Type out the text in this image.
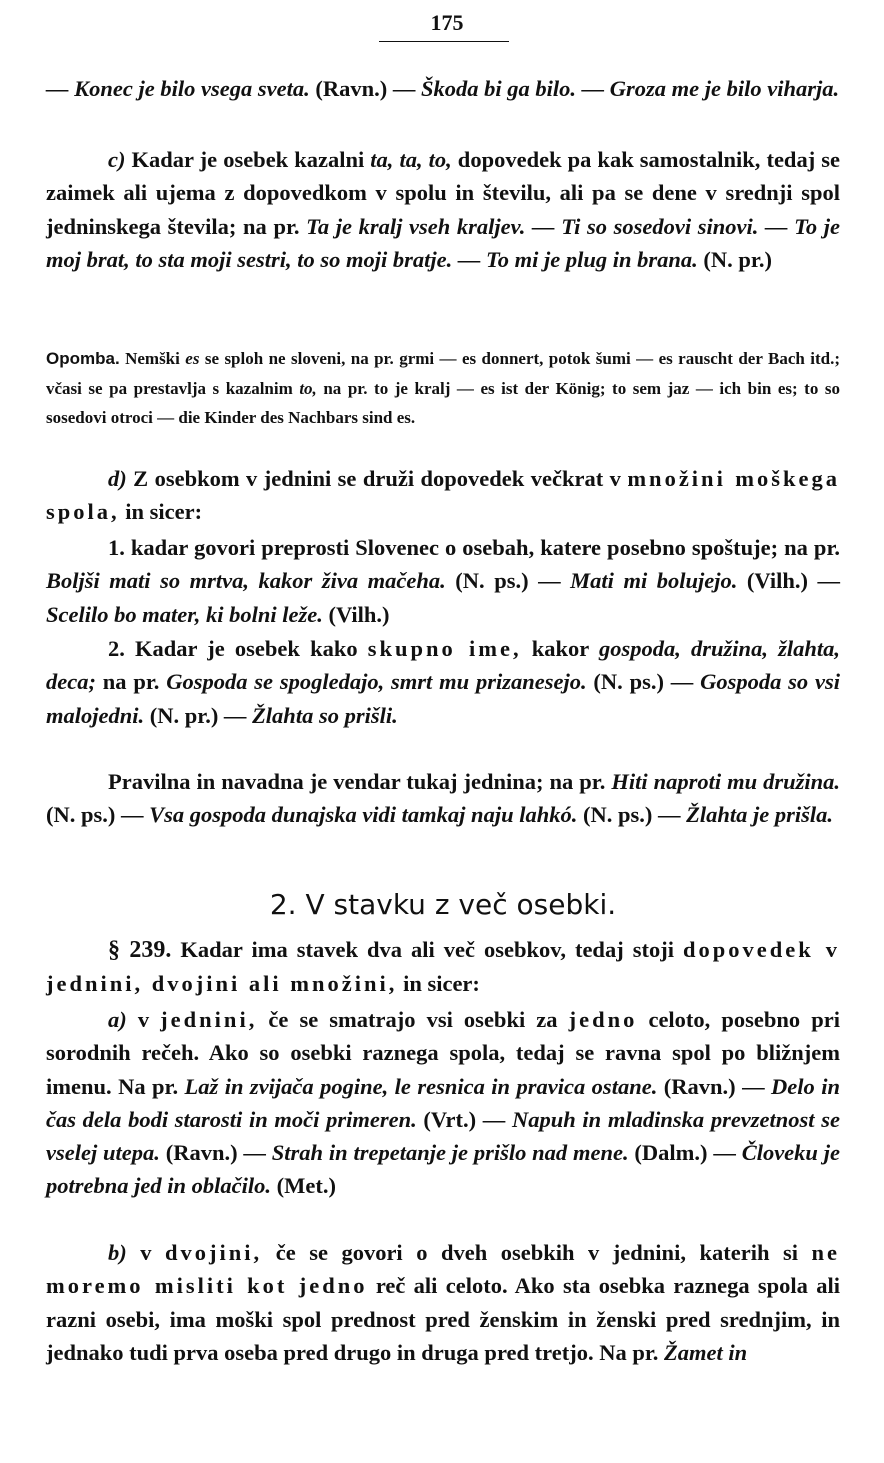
175

— Konec je bilo vsega sveta. (Ravn.) — Škoda bi ga bilo. — Groza me je bilo viharja.

c) Kadar je osebek kazalni ta, ta, to, dopovedek pa kak samostalnik, tedaj se zaimek ali ujema z dopovedkom v spolu in številu, ali pa se dene v srednji spol jedninskega števila; na pr. Ta je kralj vseh kraljev. — Ti so sosedovi sinovi. — To je moj brat, to sta moji sestri, to so moji bratje. — To mi je plug in brana. (N. pr.)

Opomba. Nemški es se sploh ne sloveni, na pr. grmi — es donnert, potok šumi — es rauscht der Bach itd.; včasi se pa prestavlja s kazalnim to, na pr. to je kralj — es ist der König; to sem jaz — ich bin es; to so sosedovi otroci — die Kinder des Nachbars sind es.

d) Z osebkom v jednini se druži dopovedek večkrat v množini moškega spola, in sicer:

1. kadar govori preprosti Slovenec o osebah, katere posebno spoštuje; na pr. Boljši mati so mrtva, kakor živa mačeha. (N. ps.) — Mati mi bolujejo. (Vilh.) — Scelilo bo mater, ki bolni leže. (Vilh.)

2. Kadar je osebek kako skupno ime, kakor gospoda, družina, žlahta, deca; na pr. Gospoda se spogledajo, smrt mu prizanesejo. (N. ps.) — Gospoda so vsi malojedni. (N. pr.) — Žlahta so prišli.

Pravilna in navadna je vendar tukaj jednina; na pr. Hiti naproti mu družina. (N. ps.) — Vsa gospoda dunajska vidi tamkaj naju lahkó. (N. ps.) — Žlahta je prišla.

2. V stavku z več osebki.

§ 239. Kadar ima stavek dva ali več osebkov, tedaj stoji dopovedek v jednini, dvojini ali množini, in sicer:

a) v jednini, če se smatrajo vsi osebki za jedno celoto, posebno pri sorodnih rečeh. Ako so osebki raznega spola, tedaj se ravna spol po bližnjem imenu. Na pr. Laž in zvijača pogine, le resnica in pravica ostane. (Ravn.) — Delo in čas dela bodi starosti in moči primeren. (Vrt.) — Napuh in mladinska prevzetnost se vselej utepa. (Ravn.) — Strah in trepetanje je prišlo nad mene. (Dalm.) — Človeku je potrebna jed in oblačilo. (Met.)

b) v dvojini, če se govori o dveh osebkih v jednini, katerih si ne moremo misliti kot jedno reč ali celoto. Ako sta osebka raznega spola ali razni osebi, ima moški spol prednost pred ženskim in ženski pred srednjim, in jednako tudi prva oseba pred drugo in druga pred tretjo. Na pr. Žamet in
